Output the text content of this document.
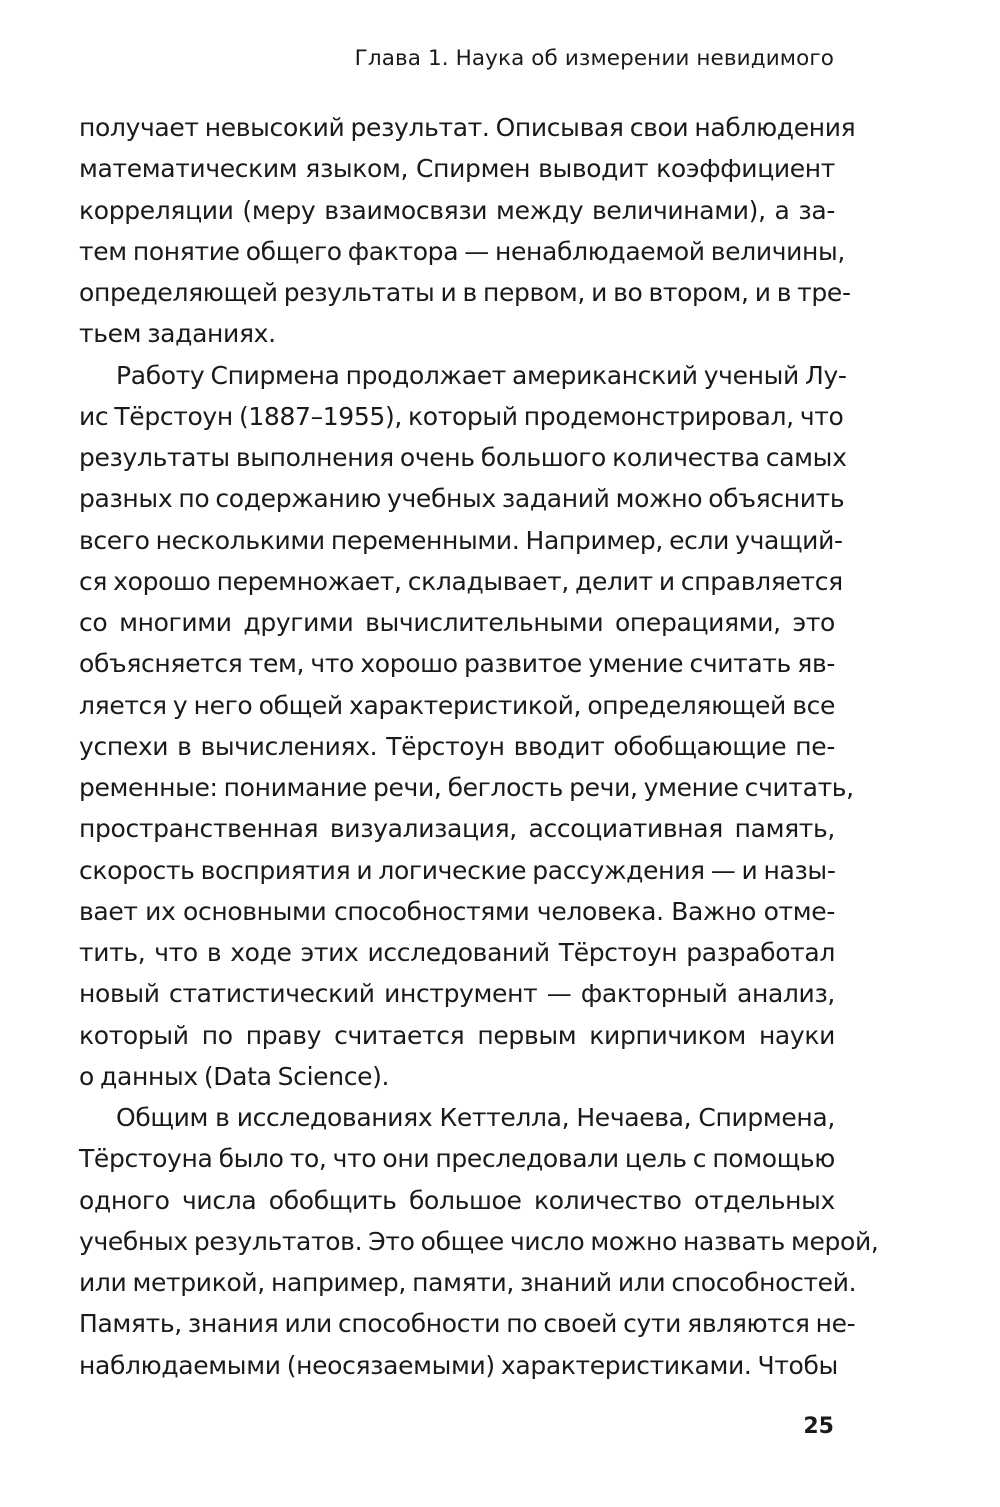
Глава 1. Наука об измерении невидимого
получает невысокий результат. Описывая свои наблюдения
математическим языком, Спирмен выводит коэффициент
корреляции (меру взаимосвязи между величинами), а за-
тем понятие общего фактора — ненаблюдаемой величины,
определяющей результаты и в первом, и во втором, и в тре-
тьем заданиях.
Работу Спирмена продолжает американский ученый Лу-
ис Тёрстоун (1887–1955), который продемонстрировал, что
результаты выполнения очень большого количества самых
разных по содержанию учебных заданий можно объяснить
всего несколькими переменными. Например, если учащий-
ся хорошо перемножает, складывает, делит и справляется
со многими другими вычислительными операциями, это
объясняется тем, что хорошо развитое умение считать яв-
ляется у него общей характеристикой, определяющей все
успехи в вычислениях. Тёрстоун вводит обобщающие пе-
ременные: понимание речи, беглость речи, умение считать,
пространственная визуализация, ассоциативная память,
скорость восприятия и логические рассуждения — и назы-
вает их основными способностями человека. Важно отме-
тить, что в ходе этих исследований Тёрстоун разработал
новый статистический инструмент — факторный анализ,
который по праву считается первым кирпичиком науки
о данных (Data Science).
Общим в исследованиях Кеттелла, Нечаева, Спирмена,
Тёрстоуна было то, что они преследовали цель с помощью
одного числа обобщить большое количество отдельных
учебных результатов. Это общее число можно назвать мерой,
или метрикой, например, памяти, знаний или способностей.
Память, знания или способности по своей сути являются не-
наблюдаемыми (неосязаемыми) характеристиками. Чтобы
25
